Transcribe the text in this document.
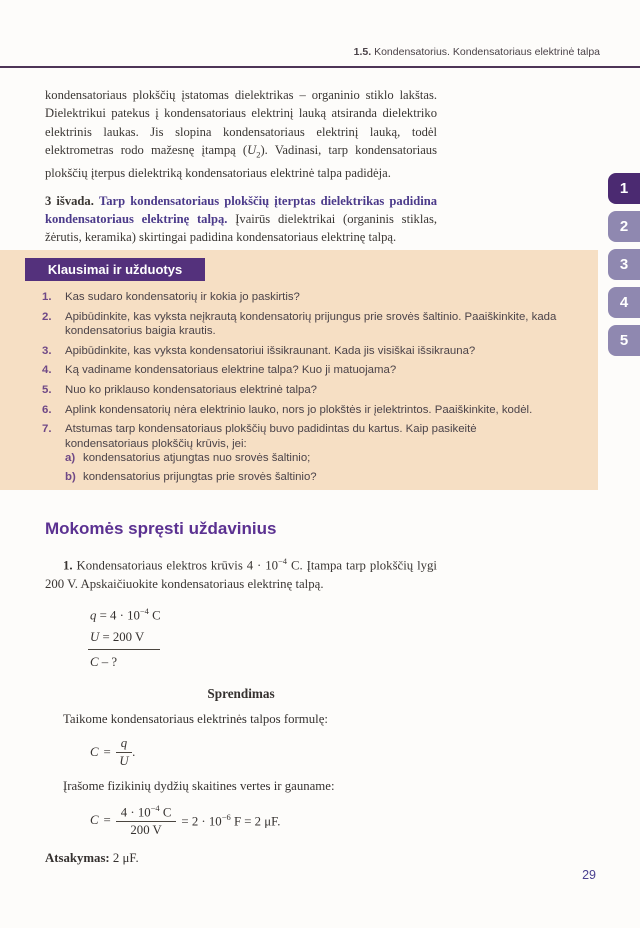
1.5. Kondensatorius. Kondensatoriaus elektrinė talpa

kondensatoriaus plokščių įstatomas dielektrikas – organinio stiklo lakštas. Dielektrikui patekus į kondensatoriaus elektrinį lauką atsiranda dielektriko elektrinis laukas. Jis slopina kondensatoriaus elektrinį lauką, todėl elektrometras rodo mažesnę įtampą $(U_2)$. Vadinasi, tarp kondensatoriaus plokščių įterpus dielektriką kondensatoriaus elektrinė talpa padidėja.

3 išvada. Tarp kondensatoriaus plokščių įterptas dielektrikas padidina kondensatoriaus elektrinę talpą. Įvairūs dielektrikai (organinis stiklas, žėrutis, keramika) skirtingai padidina kondensatoriaus elektrinę talpą.

Klausimai ir užduotys
1.	Kas sudaro kondensatorių ir kokia jo paskirtis?
2.	Apibūdinkite, kas vyksta neįkrautą kondensatorių prijungus prie srovės šaltinio. Paaiškinkite, kada kondensatorius baigia krautis.
3.	Apibūdinkite, kas vyksta kondensatoriui išsikraunant. Kada jis visiškai išsikrauna?
4.	Ką vadiname kondensatoriaus elektrine talpa? Kuo ji matuojama?
5.	Nuo ko priklauso kondensatoriaus elektrinė talpa?
6.	Aplink kondensatorių nėra elektrinio lauko, nors jo plokštės ir įelektrintos. Paaiškinkite, kodėl.
7.	Atstumas tarp kondensatoriaus plokščių buvo padidintas du kartus. Kaip pasikeitė kondensatoriaus plokščių krūvis, jei:
a) kondensatorius atjungtas nuo srovės šaltinio;
b) kondensatorius prijungtas prie srovės šaltinio?
Mokomės spręsti uždavinius

1. Kondensatoriaus elektros krūvis $4 \cdot 10^{-4}$ C. Įtampa tarp plokščių lygi 200 V. Apskaičiuokite kondensatoriaus elektrinę talpą.

$q = 4 \cdot 10^{-4}$ C
U = 200 V
C – ?
Sprendimas

Taikome kondensatoriaus elektrinės talpos formulę:

$C = \frac{q}{U}$ .

Įrašome fizikinių dydžių skaitines vertes ir gauname:

$C = \frac{4 \cdot 10^{-4} C}{200 V} = 2 \cdot 10^{-6}$ F = 2 μF.

Atsakymas: 2 μF.

1
2
3
4
5
29
